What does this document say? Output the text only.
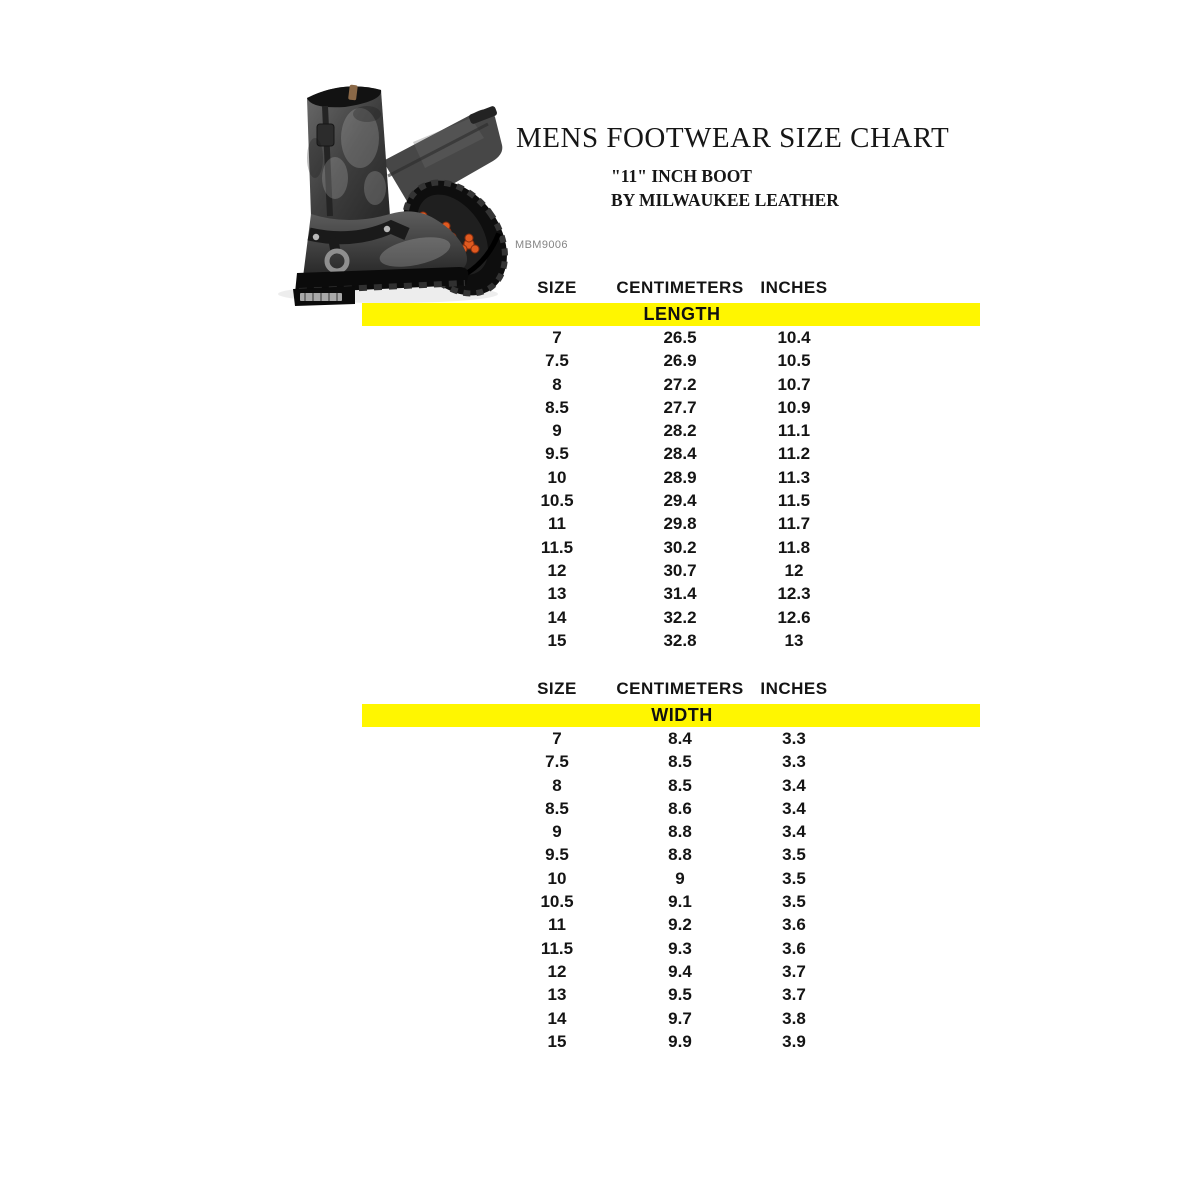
MENS FOOTWEAR SIZE CHART

"11" INCH BOOT

BY MILWAUKEE LEATHER

MBM9006
SIZE	CENTIMETERS INCHES
LENGTH
7	26.5	10.4
7.5	26.9	10.5
8	27.2	10.7
8.5	27.7	10.9
9	28.2	11.1
9.5	28.4	11.2
10	28.9	11.3
10.5	29.4	11.5
11	29.8	11.7
11.5	30.2	11.8
12	30.7	12
13	31.4	12.3
14	32.2	12.6
15	32.8	13
SIZE	CENTIMETERS INCHES
WIDTH
7	8.4	3.3
7.5	8.5	3.3
8	8.5	3.4
8.5	8.6	3.4
9	8.8	3.4
9.5	8.8	3.5
10	9	3.5
10.5	9.1	3.5
11	9.2	3.6
11.5	9.3	3.6
12	9.4	3.7
13	9.5	3.7
14	9.7	3.8
15	9.9	3.9
